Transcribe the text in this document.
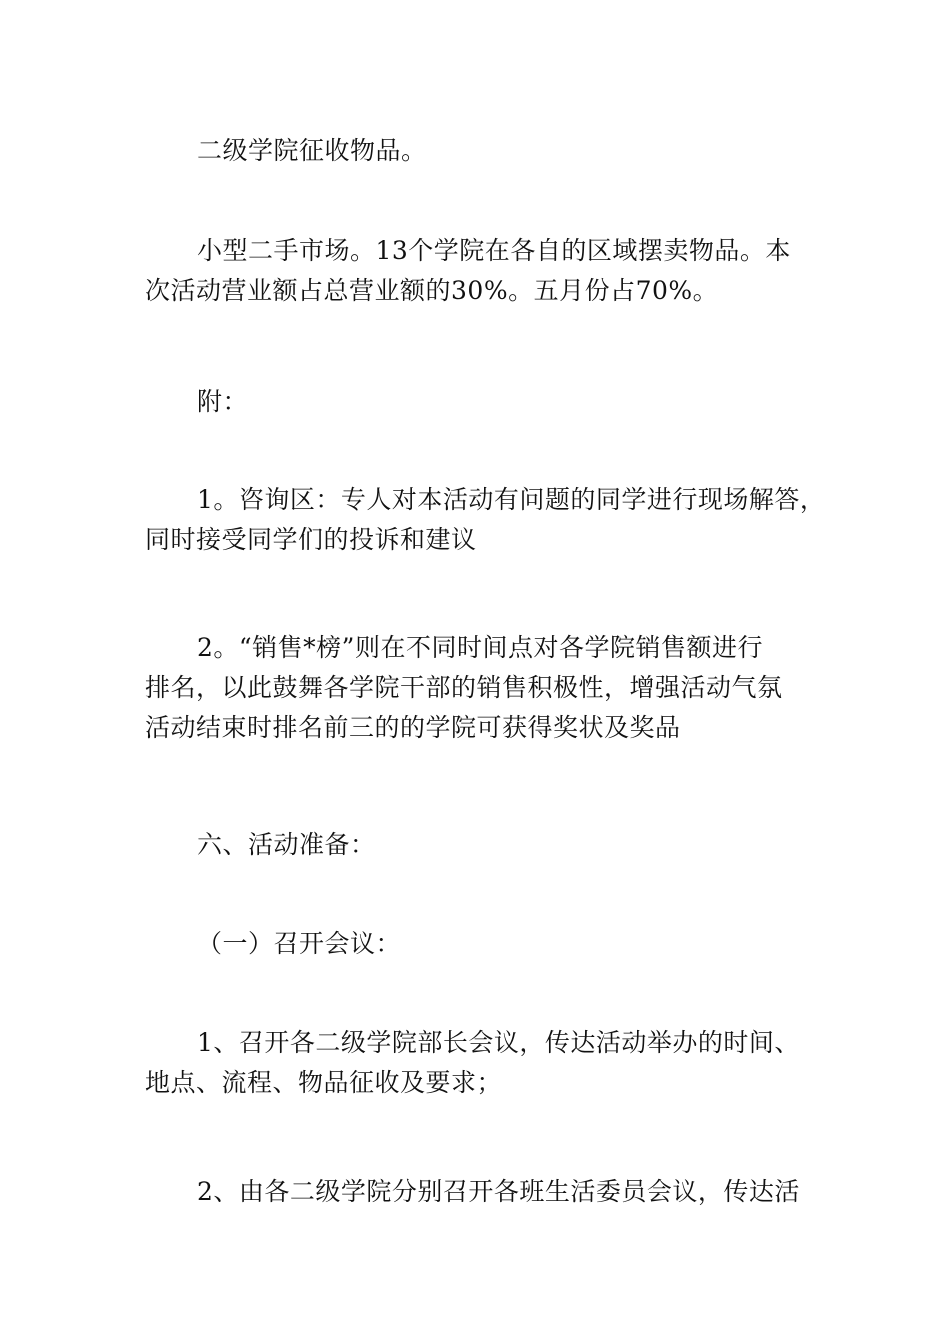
二级学院征收物品。

小型二手市场。13个学院在各自的区域摆卖物品。本
次活动营业额占总营业额的30%。五月份占70%。

附：

1。咨询区：专人对本活动有问题的同学进行现场解答，
同时接受同学们的投诉和建议

2。“销售*榜”则在不同时间点对各学院销售额进行
排名，以此鼓舞各学院干部的销售积极性，增强活动气氛
活动结束时排名前三的的学院可获得奖状及奖品

六、活动准备：

（一）召开会议：

1、召开各二级学院部长会议，传达活动举办的时间、
地点、流程、物品征收及要求；

2、由各二级学院分别召开各班生活委员会议，传达活
